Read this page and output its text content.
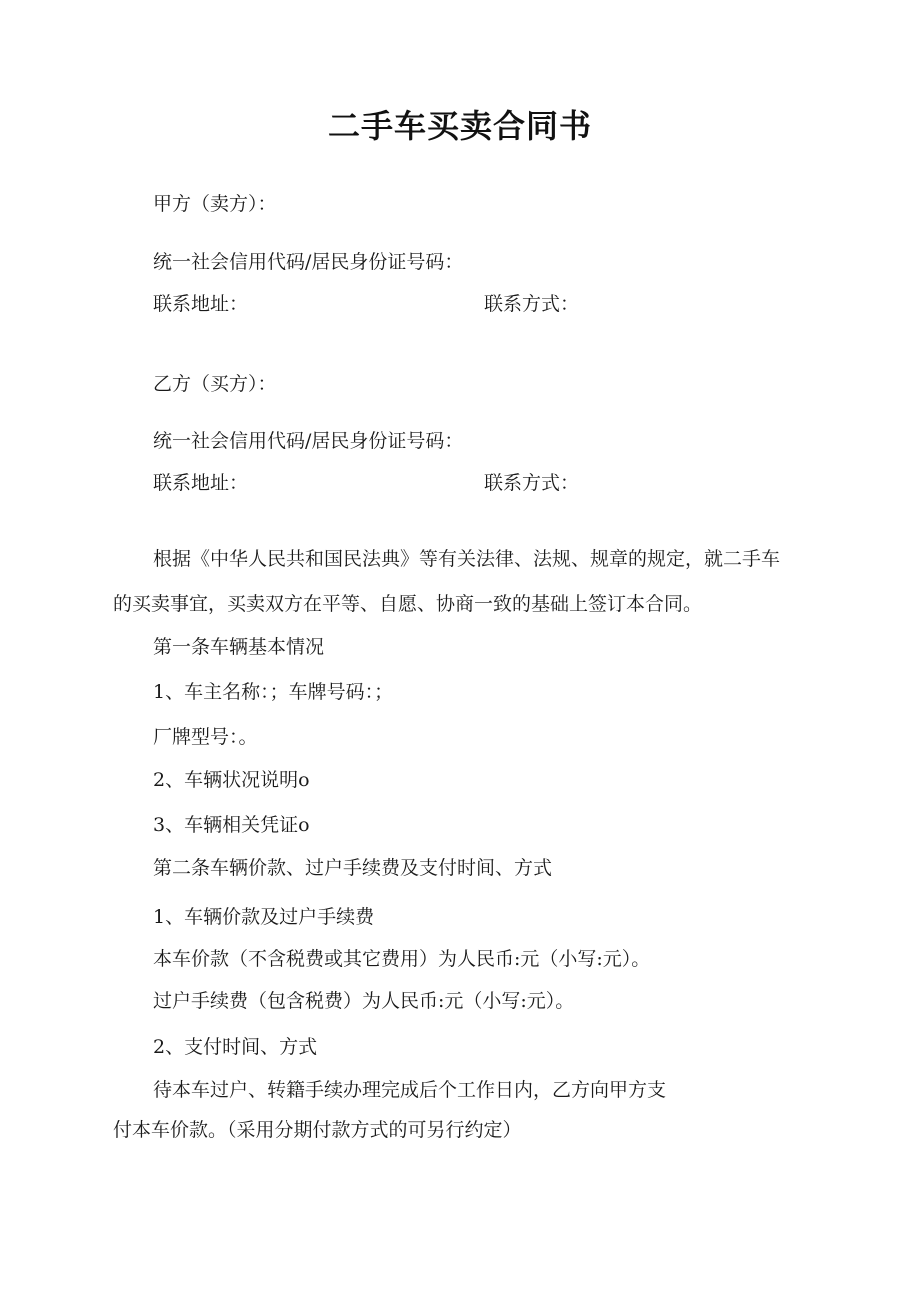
二手车买卖合同书
甲方（卖方）：
统一社会信用代码/居民身份证号码：
联系地址：	联系方式：
乙方（买方）：
统一社会信用代码/居民身份证号码：
联系地址：	联系方式：
根据《中华人民共和国民法典》等有关法律、法规、规章的规定，就二手车
的买卖事宜，买卖双方在平等、自愿、协商一致的基础上签订本合同。
第一条车辆基本情况
1、车主名称：；车牌号码：；
厂牌型号：。
2、车辆状况说明o
3、车辆相关凭证o
第二条车辆价款、过户手续费及支付时间、方式
1、车辆价款及过户手续费
本车价款（不含税费或其它费用）为人民币:元（小写:元）。
过户手续费（包含税费）为人民币:元（小写:元）。
2、支付时间、方式
待本车过户、转籍手续办理完成后个工作日内，乙方向甲方支
付本车价款。（采用分期付款方式的可另行约定）
